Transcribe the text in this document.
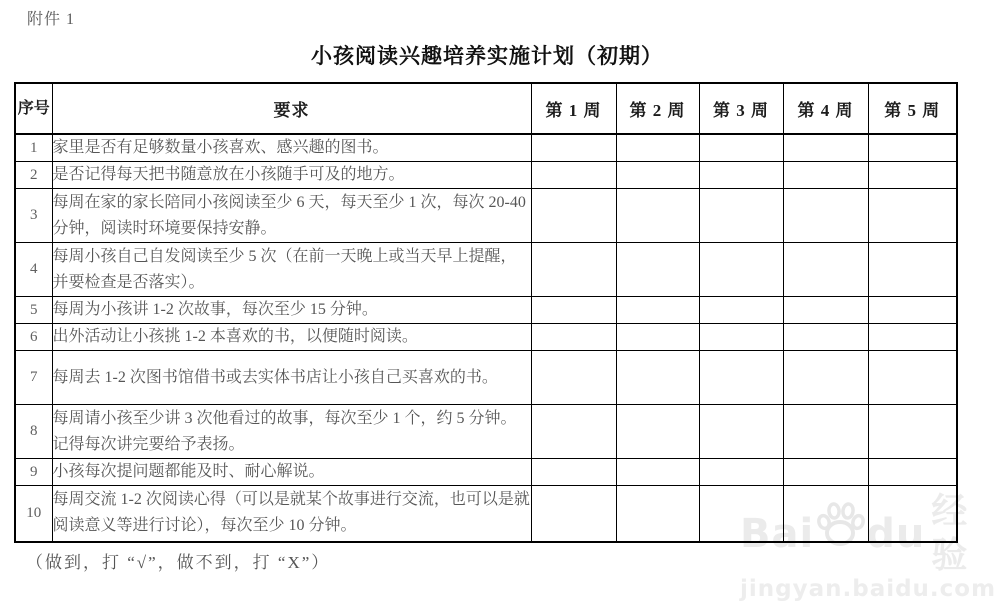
Bai du 经验
jingyan.baidu.com
附件 1
小孩阅读兴趣培养实施计划（初期）
序号	要求	第 1 周	第 2 周	第 3 周	第 4 周	第 5 周
1	家里是否有足够数量小孩喜欢、感兴趣的图书。					
2	是否记得每天把书随意放在小孩随手可及的地方。					
3	每周在家的家长陪同小孩阅读至少 6 天，每天至少 1 次，每次 20-40 分钟，阅读时环境要保持安静。					
4	每周小孩自己自发阅读至少 5 次（在前一天晚上或当天早上提醒，并要检查是否落实）。					
5	每周为小孩讲 1-2 次故事，每次至少 15 分钟。					
6	出外活动让小孩挑 1-2 本喜欢的书，以便随时阅读。					
7	每周去 1-2 次图书馆借书或去实体书店让小孩自己买喜欢的书。					
8	每周请小孩至少讲 3 次他看过的故事，每次至少 1 个，约 5 分钟。记得每次讲完要给予表扬。					
9	小孩每次提问题都能及时、耐心解说。					
10	每周交流 1-2 次阅读心得（可以是就某个故事进行交流，也可以是就阅读意义等进行讨论），每次至少 10 分钟。					
（做到，打 “√”，做不到，打 “X”）
